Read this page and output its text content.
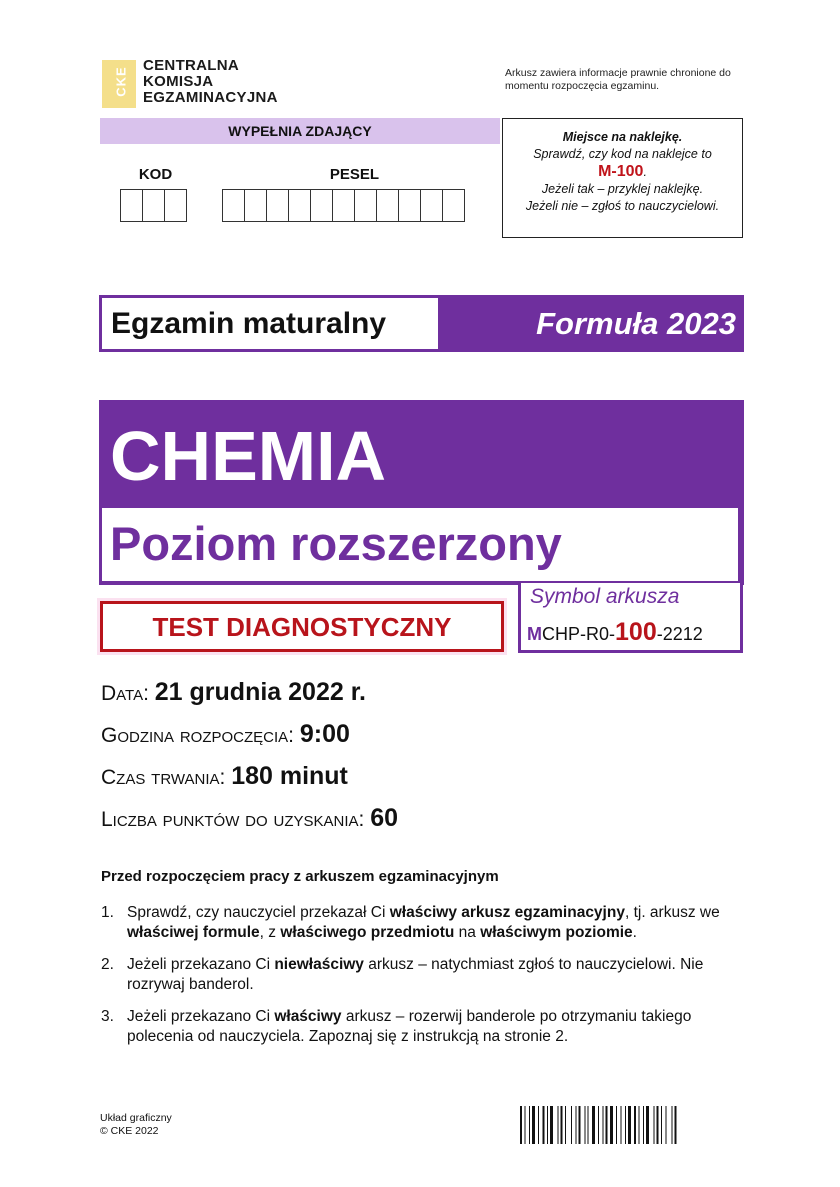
CKE
CENTRALNA
KOMISJA
EGZAMINACYJNA
Arkusz zawiera informacje prawnie chronione do momentu rozpoczęcia egzaminu.
WYPEŁNIA ZDAJĄCY
KOD	PESEL
Miejsce na naklejkę.
Sprawdź, czy kod na naklejce to
M-100.
Jeżeli tak – przyklej naklejkę.
Jeżeli nie – zgłoś to nauczycielowi.
Egzamin maturalny	Formuła 2023
CHEMIA
Poziom rozszerzony
TEST DIAGNOSTYCZNY
Symbol arkusza
MCHP-R0-100-2212
Data: 21 grudnia 2022 r.
Godzina rozpoczęcia: 9:00
Czas trwania: 180 minut
Liczba punktów do uzyskania: 60
Przed rozpoczęciem pracy z arkuszem egzaminacyjnym
1. Sprawdź, czy nauczyciel przekazał Ci właściwy arkusz egzaminacyjny, tj. arkusz we właściwej formule, z właściwego przedmiotu na właściwym poziomie.
2. Jeżeli przekazano Ci niewłaściwy arkusz – natychmiast zgłoś to nauczycielowi. Nie rozrywaj banderol.
3. Jeżeli przekazano Ci właściwy arkusz – rozerwij banderole po otrzymaniu takiego polecenia od nauczyciela. Zapoznaj się z instrukcją na stronie 2.
Układ graficzny
© CKE 2022
